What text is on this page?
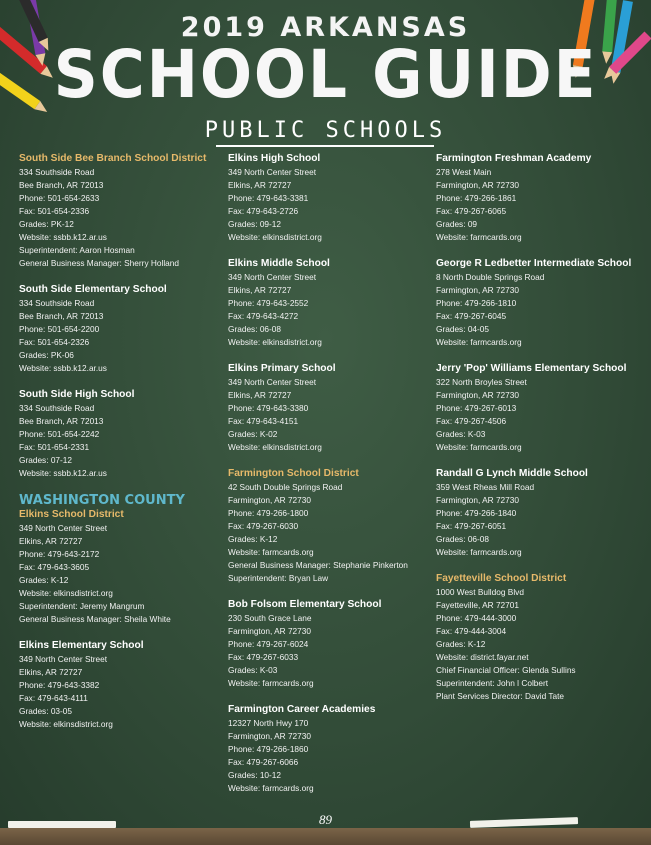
2019 ARKANSAS
SCHOOL GUIDE
PUBLIC SCHOOLS
South Side Bee Branch School District
334 Southside Road
Bee Branch, AR 72013
Phone: 501-654-2633
Fax: 501-654-2336
Grades: PK-12
Website: ssbb.k12.ar.us
Superintendent: Aaron Hosman
General Business Manager: Sherry Holland
South Side Elementary School
334 Southside Road
Bee Branch, AR 72013
Phone: 501-654-2200
Fax: 501-654-2326
Grades: PK-06
Website: ssbb.k12.ar.us
South Side High School
334 Southside Road
Bee Branch, AR 72013
Phone: 501-654-2242
Fax: 501-654-2331
Grades: 07-12
Website: ssbb.k12.ar.us
WASHINGTON COUNTY
Elkins School District
349 North Center Street
Elkins, AR 72727
Phone: 479-643-2172
Fax: 479-643-3605
Grades: K-12
Website: elkinsdistrict.org
Superintendent: Jeremy Mangrum
General Business Manager: Sheila White
Elkins Elementary School
349 North Center Street
Elkins, AR 72727
Phone: 479-643-3382
Fax: 479-643-4111
Grades: 03-05
Website: elkinsdistrict.org
Elkins High School
349 North Center Street
Elkins, AR 72727
Phone: 479-643-3381
Fax: 479-643-2726
Grades: 09-12
Website: elkinsdistrict.org
Elkins Middle School
349 North Center Street
Elkins, AR 72727
Phone: 479-643-2552
Fax: 479-643-4272
Grades: 06-08
Website: elkinsdistrict.org
Elkins Primary School
349 North Center Street
Elkins, AR 72727
Phone: 479-643-3380
Fax: 479-643-4151
Grades: K-02
Website: elkinsdistrict.org
Farmington School District
42 South Double Springs Road
Farmington, AR 72730
Phone: 479-266-1800
Fax: 479-267-6030
Grades: K-12
Website: farmcards.org
General Business Manager: Stephanie Pinkerton
Superintendent: Bryan Law
Bob Folsom Elementary School
230 South Grace Lane
Farmington, AR 72730
Phone: 479-267-6024
Fax: 479-267-6033
Grades: K-03
Website: farmcards.org
Farmington Career Academies
12327 North Hwy 170
Farmington, AR 72730
Phone: 479-266-1860
Fax: 479-267-6066
Grades: 10-12
Website: farmcards.org
Farmington Freshman Academy
278 West Main
Farmington, AR 72730
Phone: 479-266-1861
Fax: 479-267-6065
Grades: 09
Website: farmcards.org
George R Ledbetter Intermediate School
8 North Double Springs Road
Farmington, AR 72730
Phone: 479-266-1810
Fax: 479-267-6045
Grades: 04-05
Website: farmcards.org
Jerry 'Pop' Williams Elementary School
322 North Broyles Street
Farmington, AR 72730
Phone: 479-267-6013
Fax: 479-267-4506
Grades: K-03
Website: farmcards.org
Randall G Lynch Middle School
359 West Rheas Mill Road
Farmington, AR 72730
Phone: 479-266-1840
Fax: 479-267-6051
Grades: 06-08
Website: farmcards.org
Fayetteville School District
1000 West Bulldog Blvd
Fayetteville, AR 72701
Phone: 479-444-3000
Fax: 479-444-3004
Grades: K-12
Website: district.fayar.net
Chief Financial Officer: Glenda Sullins
Superintendent: John l Colbert
Plant Services Director: David Tate
89
